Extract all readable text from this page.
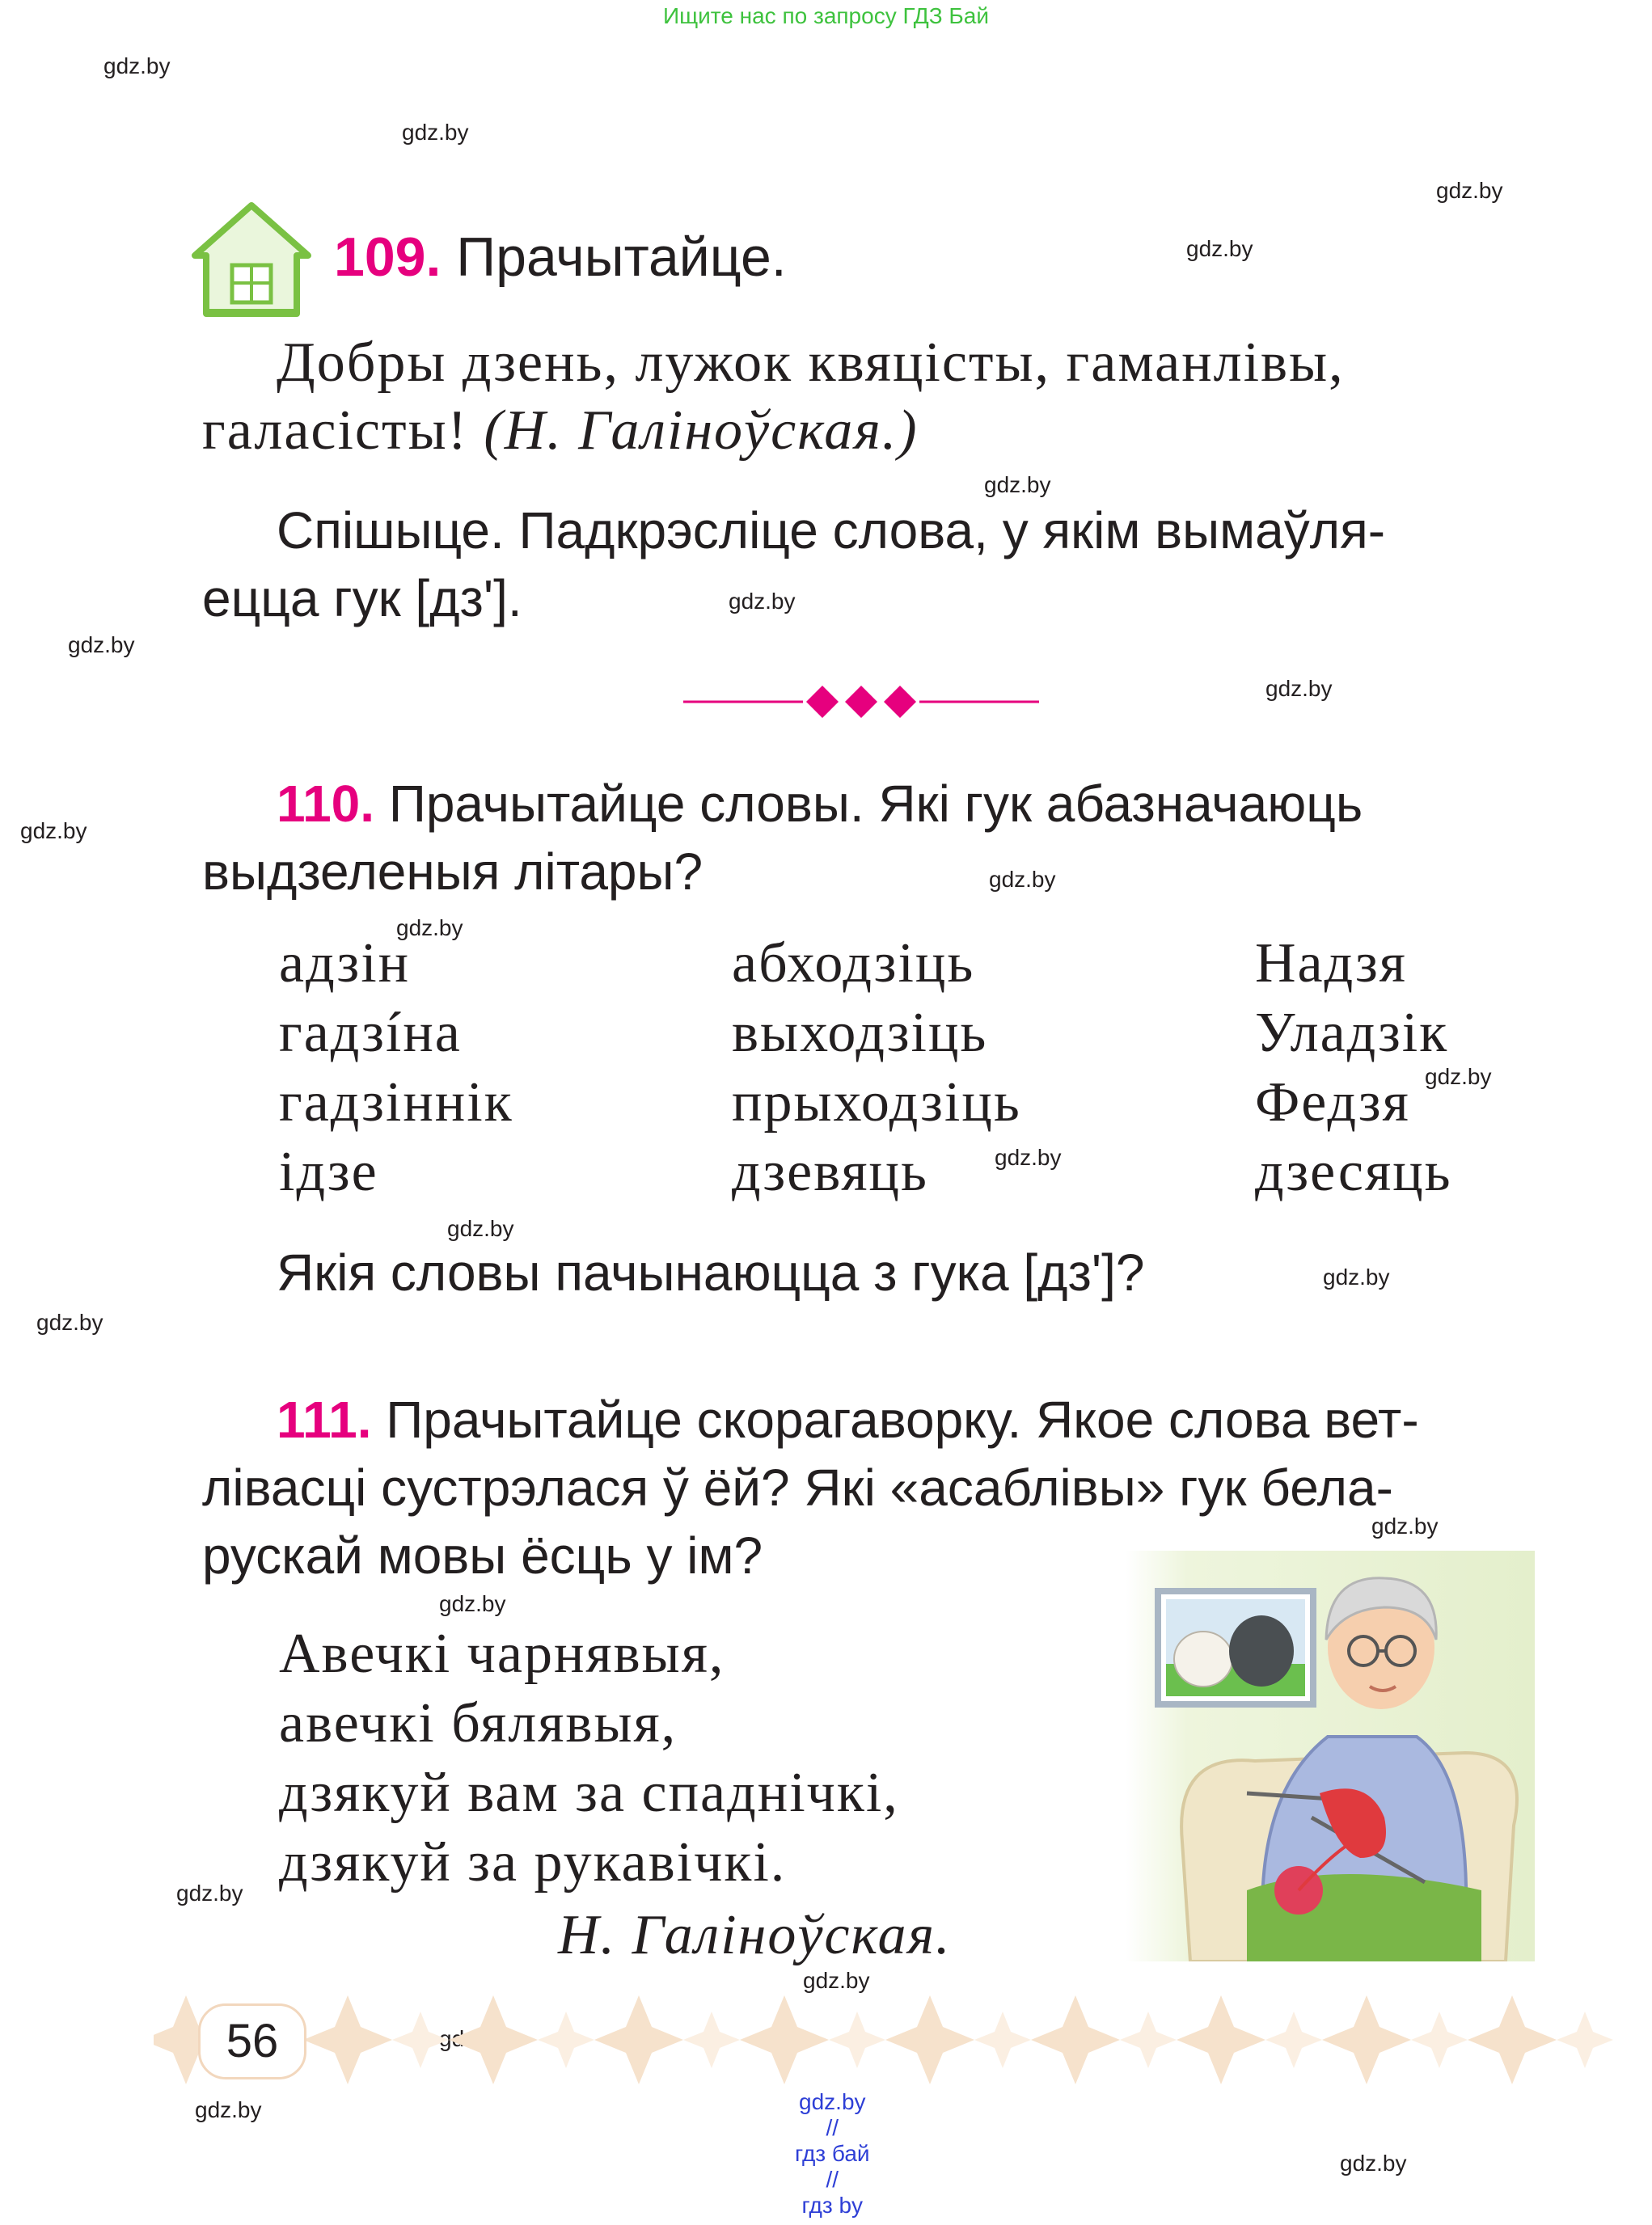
Ищите нас по запросу ГДЗ Бай
gdz.by
gdz.by
gdz.by
gdz.by
gdz.by
gdz.by
gdz.by
gdz.by
gdz.by
gdz.by
gdz.by
gdz.by
gdz.by
gdz.by
gdz.by
gdz.by
gdz.by
gdz.by
gdz.by
gdz.by
gdz.by
gdz.by
109. Прачытайце.
Добры дзень, лужок квяцісты, гаманлівы,
галасісты! (Н. Галіноўская.)
Спішыце. Падкрэсліце слова, у якім вымаўля-
ецца гук [дзʹ].
110. Прачытайце словы. Які гук абазначаюць
выдзеленыя літары?
адзін
гадзíна
гадзіннік
ідзе
абходзіць
выходзіць
прыходзіць
дзевяць
Надзя
Уладзік
Федзя
дзесяць
Якія словы пачынаюцца з гука [дзʹ]?
111. Прачытайце скорагаворку. Якое слова вет-
лівасці сустрэлася ў ёй? Які «асаблівы» гук бела-
рускай мовы ёсць у ім?
Авечкі чарнявыя,
авечкі бялявыя,
дзякуй вам за спаднічкі,
дзякуй за рукавічкі.
Н. Галіноўская.
56

gdz.by
//
гдз бай
//
гдз by
